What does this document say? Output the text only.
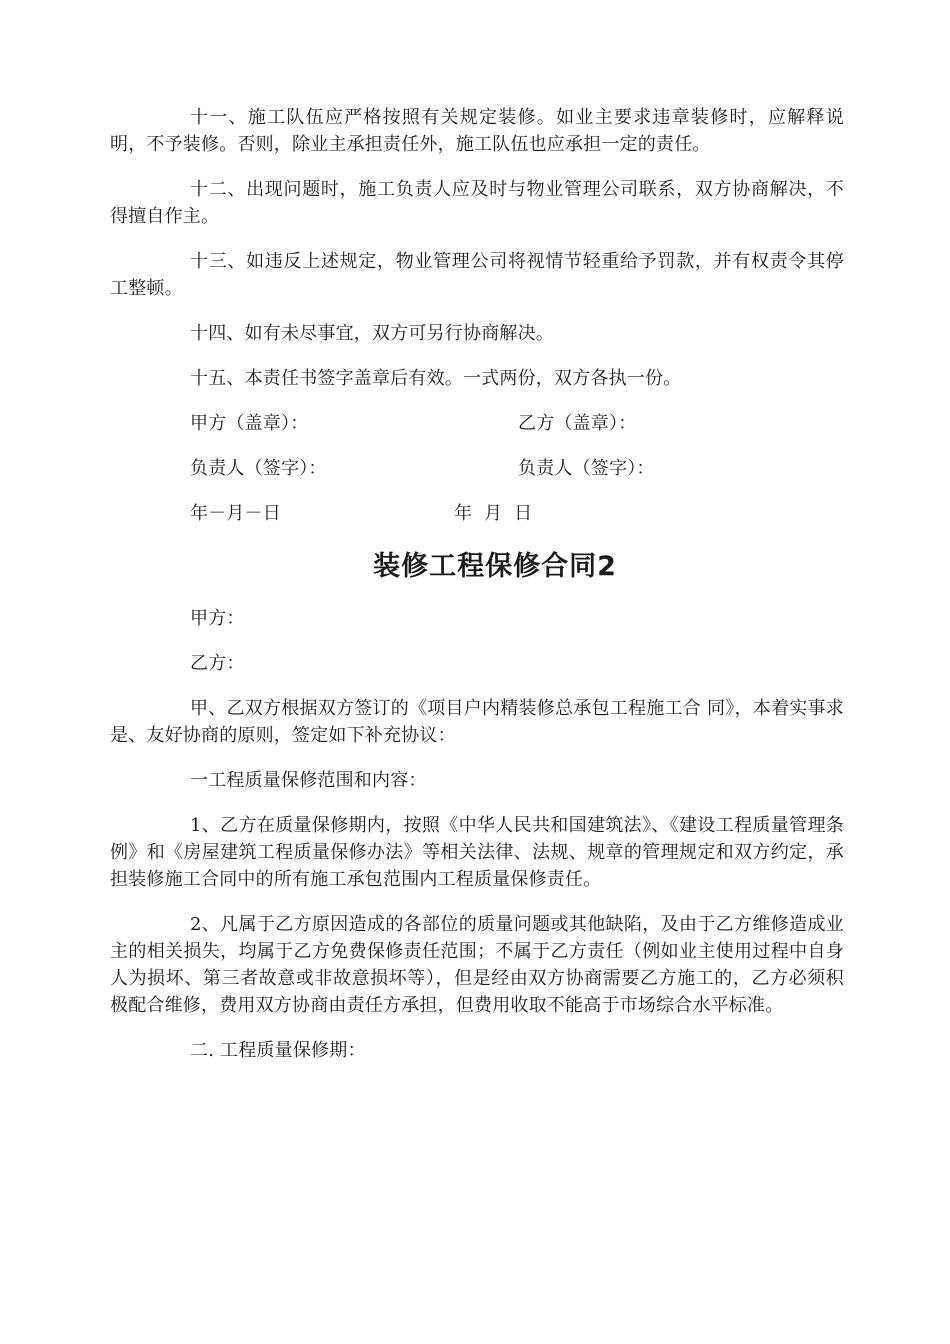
十一、施工队伍应严格按照有关规定装修。如业主要求违章装修时，应解释说明，不予装修。否则，除业主承担责任外，施工队伍也应承担一定的责任。

十二、出现问题时，施工负责人应及时与物业管理公司联系，双方协商解决，不得擅自作主。

十三、如违反上述规定，物业管理公司将视情节轻重给予罚款，并有权责令其停工整顿。

十四、如有未尽事宜，双方可另行协商解决。

十五、本责任书签字盖章后有效。一式两份，双方各执一份。

甲方（盖章）：	乙方（盖章）：
负责人（签字）：	负责人（签字）：
年－月－日	年  月  日
装修工程保修合同2

甲方：

乙方：

甲、乙双方根据双方签订的《项目户内精装修总承包工程施工合 同》，本着实事求是、友好协商的原则，签定如下补充协议：

一工程质量保修范围和内容：

1、乙方在质量保修期内，按照《中华人民共和国建筑法》、《建设工程质量管理条例》和《房屋建筑工程质量保修办法》等相关法律、法规、规章的管理规定和双方约定，承担装修施工合同中的所有施工承包范围内工程质量保修责任。

2、凡属于乙方原因造成的各部位的质量问题或其他缺陷，及由于乙方维修造成业主的相关损失，均属于乙方免费保修责任范围；不属于乙方责任（例如业主使用过程中自身人为损坏、第三者故意或非故意损坏等），但是经由双方协商需要乙方施工的，乙方必须积极配合维修，费用双方协商由责任方承担，但费用收取不能高于市场综合水平标准。

二. 工程质量保修期：
